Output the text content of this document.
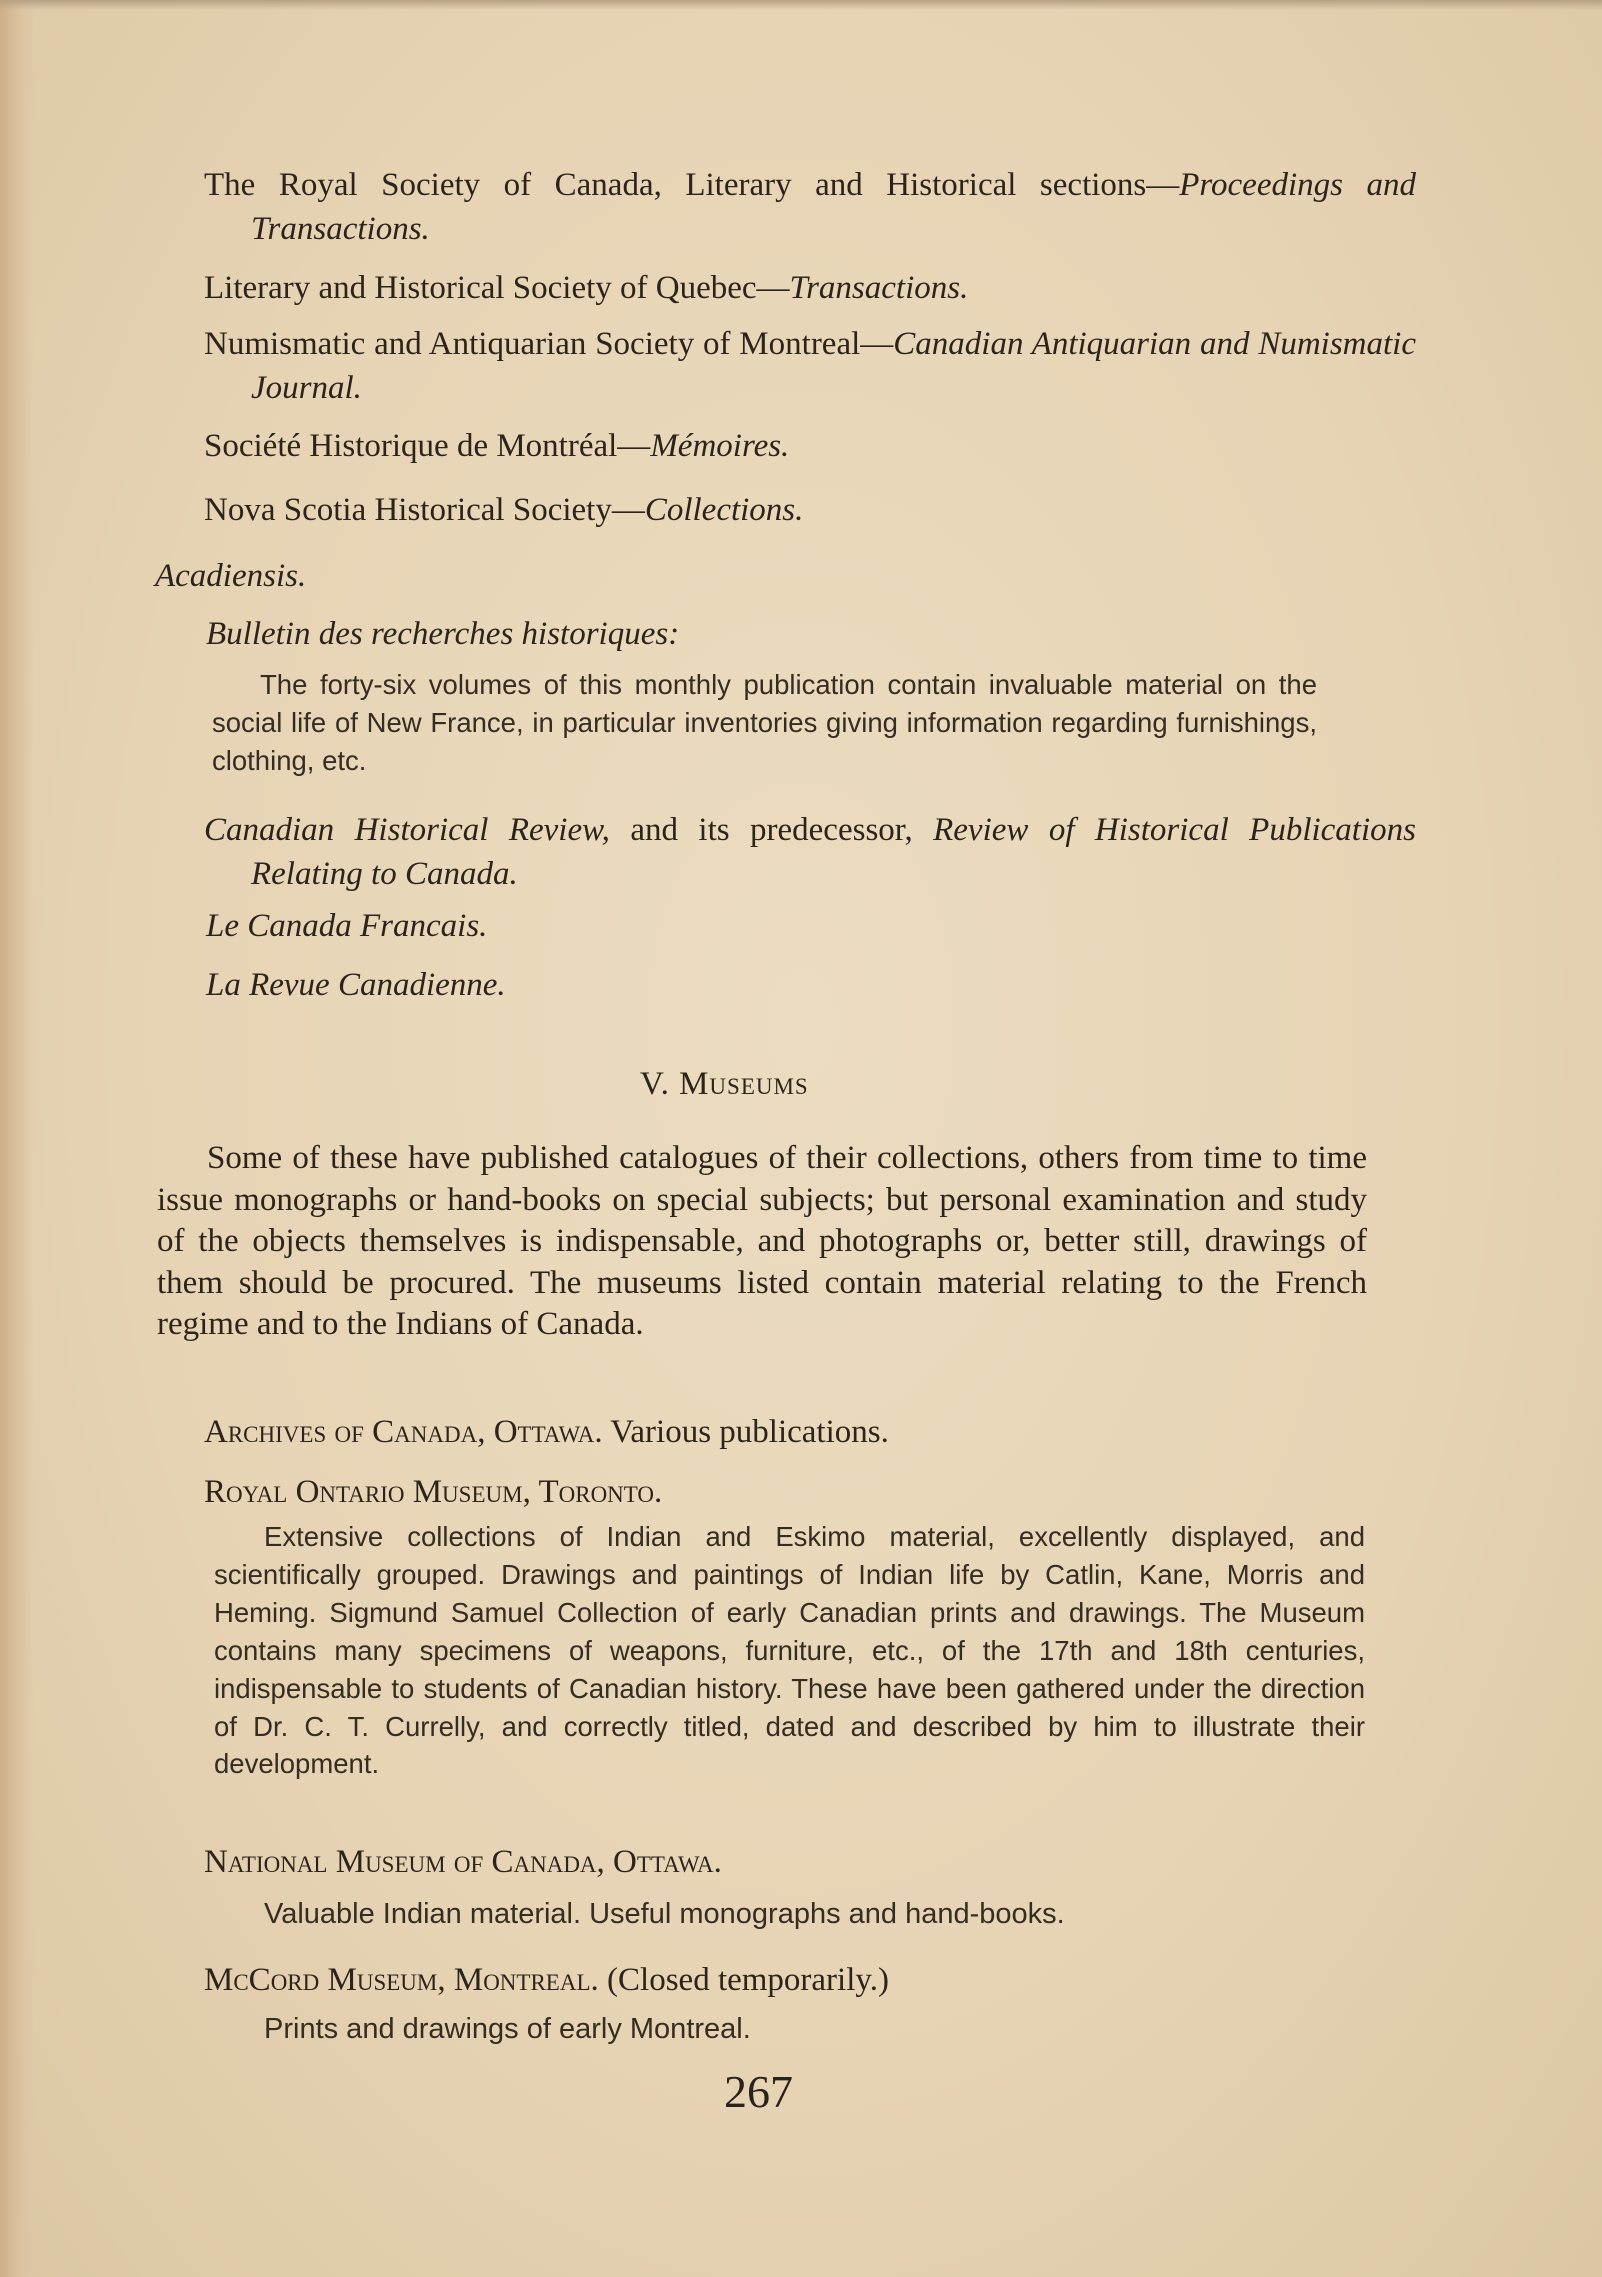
The Royal Society of Canada, Literary and Historical sections—Proceedings and Transactions.

Literary and Historical Society of Quebec—Transactions.

Numismatic and Antiquarian Society of Montreal—Canadian Antiquarian and Numismatic Journal.

Société Historique de Montréal—Mémoires.

Nova Scotia Historical Society—Collections.

Acadiensis.

Bulletin des recherches historiques:

The forty-six volumes of this monthly publication contain invaluable material on the social life of New France, in particular inventories giving information regarding furnishings, clothing, etc.

Canadian Historical Review, and its predecessor, Review of Historical Publications Relating to Canada.

Le Canada Francais.

La Revue Canadienne.

V. Museums

Some of these have published catalogues of their collections, others from time to time issue monographs or hand-books on special subjects; but personal examination and study of the objects themselves is indispensable, and photographs or, better still, drawings of them should be procured. The museums listed contain material relating to the French regime and to the Indians of Canada.

Archives of Canada, Ottawa. Various publications.

Royal Ontario Museum, Toronto.

Extensive collections of Indian and Eskimo material, excellently displayed, and scientifically grouped. Drawings and paintings of Indian life by Catlin, Kane, Morris and Heming. Sigmund Samuel Collection of early Canadian prints and drawings. The Museum contains many specimens of weapons, furniture, etc., of the 17th and 18th centuries, indispensable to students of Canadian history. These have been gathered under the direction of Dr. C. T. Currelly, and correctly titled, dated and described by him to illustrate their development.

National Museum of Canada, Ottawa.

Valuable Indian material. Useful monographs and hand-books.

McCord Museum, Montreal. (Closed temporarily.)

Prints and drawings of early Montreal.

267
